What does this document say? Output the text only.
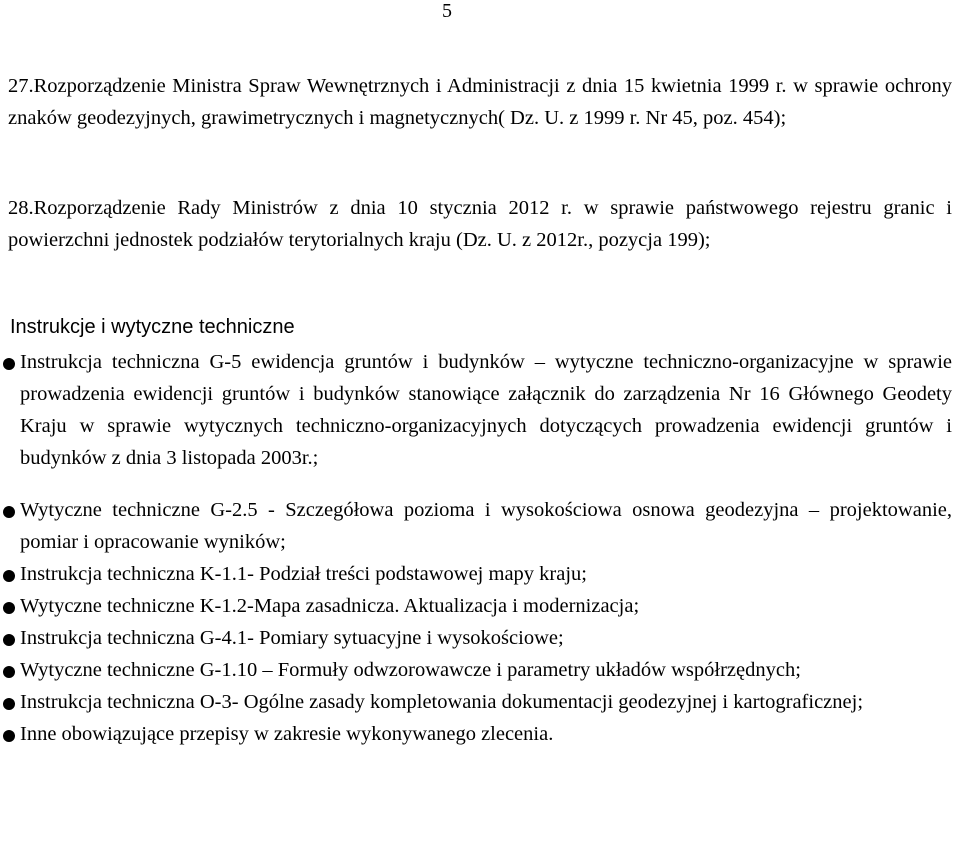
5

27.Rozporządzenie Ministra Spraw Wewnętrznych i Administracji z dnia 15 kwietnia 1999 r. w sprawie ochrony znaków geodezyjnych, grawimetrycznych i magnetycznych( Dz. U. z 1999 r. Nr 45, poz. 454);

28.Rozporządzenie Rady Ministrów z dnia 10 stycznia 2012 r. w sprawie państwowego rejestru granic i powierzchni jednostek podziałów terytorialnych kraju (Dz. U. z 2012r., pozycja 199);

Instrukcje i wytyczne techniczne
Instrukcja techniczna G-5 ewidencja gruntów i budynków – wytyczne techniczno-organizacyjne w sprawie prowadzenia ewidencji gruntów i budynków stanowiące załącznik do zarządzenia Nr 16 Głównego Geodety Kraju w sprawie wytycznych techniczno-organizacyjnych dotyczących prowadzenia ewidencji gruntów i budynków z dnia 3 listopada 2003r.;
Wytyczne techniczne G-2.5 - Szczegółowa pozioma i wysokościowa osnowa geodezyjna – projektowanie, pomiar i opracowanie wyników;
Instrukcja techniczna K-1.1- Podział treści podstawowej mapy kraju;
Wytyczne techniczne K-1.2-Mapa zasadnicza. Aktualizacja i modernizacja;
Instrukcja techniczna G-4.1- Pomiary sytuacyjne i wysokościowe;
Wytyczne techniczne G-1.10 – Formuły odwzorowawcze i parametry układów współrzędnych;
Instrukcja techniczna O-3- Ogólne zasady kompletowania dokumentacji geodezyjnej i kartograficznej;
Inne obowiązujące przepisy w zakresie wykonywanego zlecenia.
